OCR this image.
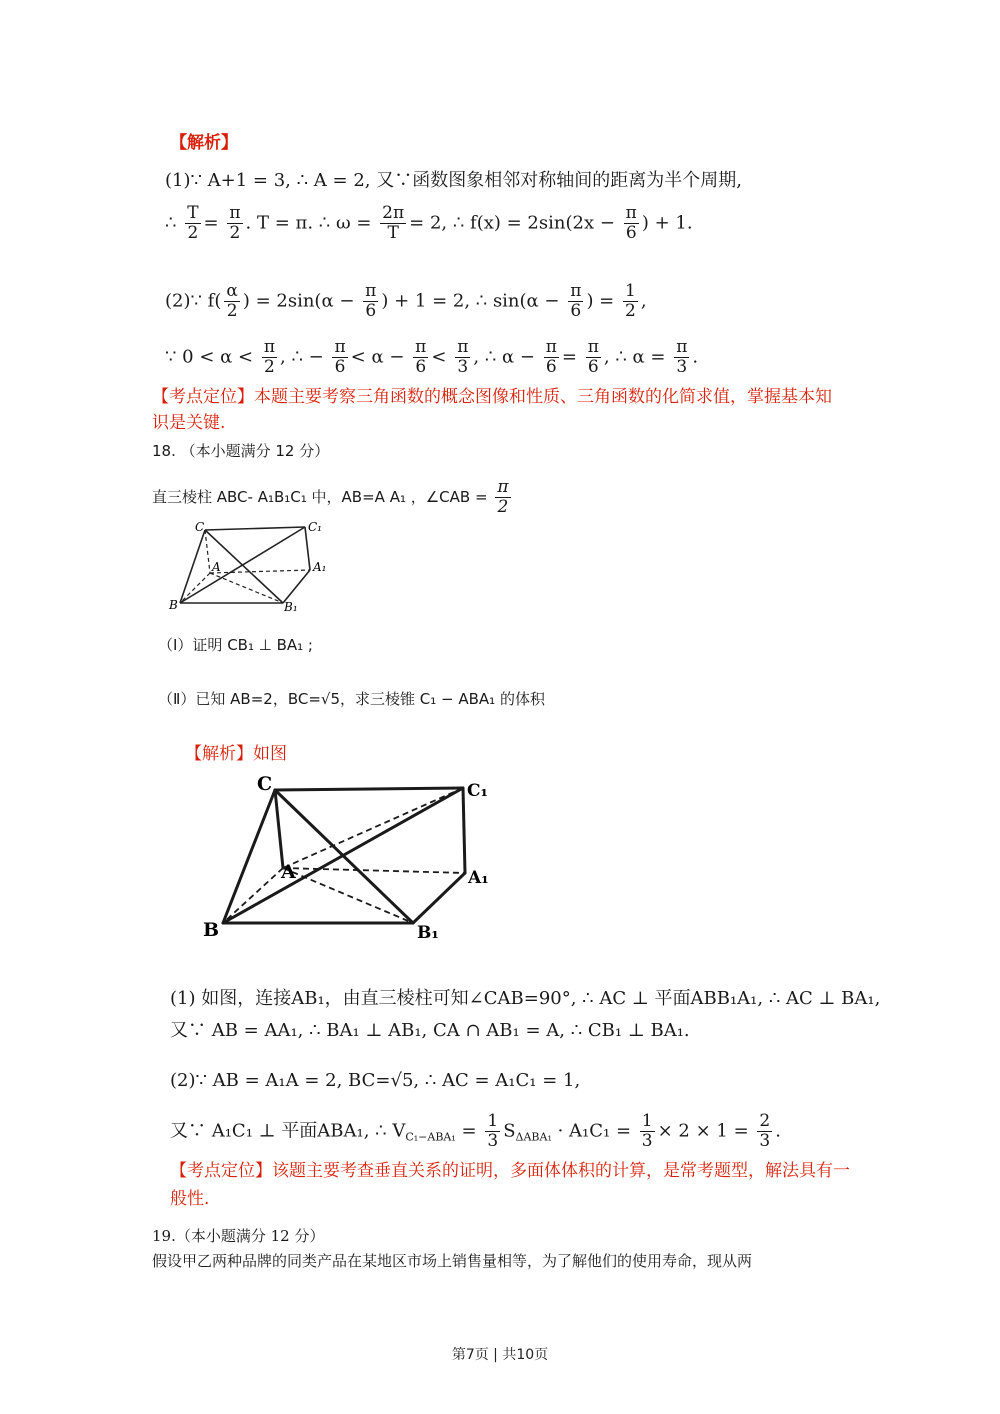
【解析】
(1)∵ A+1 = 3, ∴ A = 2, 又∵函数图象相邻对称轴间的距离为半个周期,
∴ $\frac{T}{2} = \frac{\pi}{2}$ . T = π. ∴ $\omega = \frac{2\pi}{T} = 2$, ∴ $f(x) = 2\sin(2x - \frac{\pi}{6}$ ) + 1.
(2)∵ $f( \frac{\alpha}{2}$ ) = $2\sin(\alpha - \frac{\pi}{6}$ ) + 1 = 2, ∴ $\sin(\alpha - \frac{\pi}{6}$ ) = $\frac{1}{2}$ ,
∵ $0 < \alpha < \frac{\pi}{2}$ , ∴ − $\frac{\pi}{6} < \alpha - \frac{\pi}{6} < \frac{\pi}{3}$ , ∴ $\alpha - \frac{\pi}{6} = \frac{\pi}{6}$ , ∴ $\alpha = \frac{\pi}{3}$ .
【考点定位】本题主要考察三角函数的概念图像和性质、三角函数的化简求值，掌握基本知
识是关键.
18. （本小题满分 12 分）
直三棱柱 ABC- A₁B₁C₁ 中，AB=A A₁ ，∠CAB = $\frac{\pi}{2}$
C	C₁
A	A₁
B	B₁
（Ⅰ）证明 CB₁ ⊥ BA₁ ;
（Ⅱ）已知 AB=2，BC=√5，求三棱锥 C₁ − ABA₁ 的体积
【解析】如图
C	C₁
A	A₁
B	B₁
(1) 如图，连接AB₁，由直三棱柱可知∠CAB=90°, ∴ AC ⊥ 平面ABB₁A₁, ∴ AC ⊥ BA₁,
又∵ AB = AA₁, ∴ BA₁ ⊥ AB₁, CA ∩ AB₁ = A, ∴ CB₁ ⊥ BA₁.
(2)∵ AB = A₁A = 2, BC=√5, ∴ AC = A₁C₁ = 1,
又∵ A₁C₁ ⊥ 平面ABA₁, ∴ $V_{C_1-ABA_1} = \frac{1}{3} S_{\Delta ABA_1} \cdot A_1C_1 = \frac{1}{3} \times 2 \times 1 = \frac{2}{3}$ .
【考点定位】该题主要考查垂直关系的证明，多面体体积的计算，是常考题型，解法具有一
般性.
19.（本小题满分 12 分）
假设甲乙两种品牌的同类产品在某地区市场上销售量相等，为了解他们的使用寿命，现从两
第7页 | 共10页
